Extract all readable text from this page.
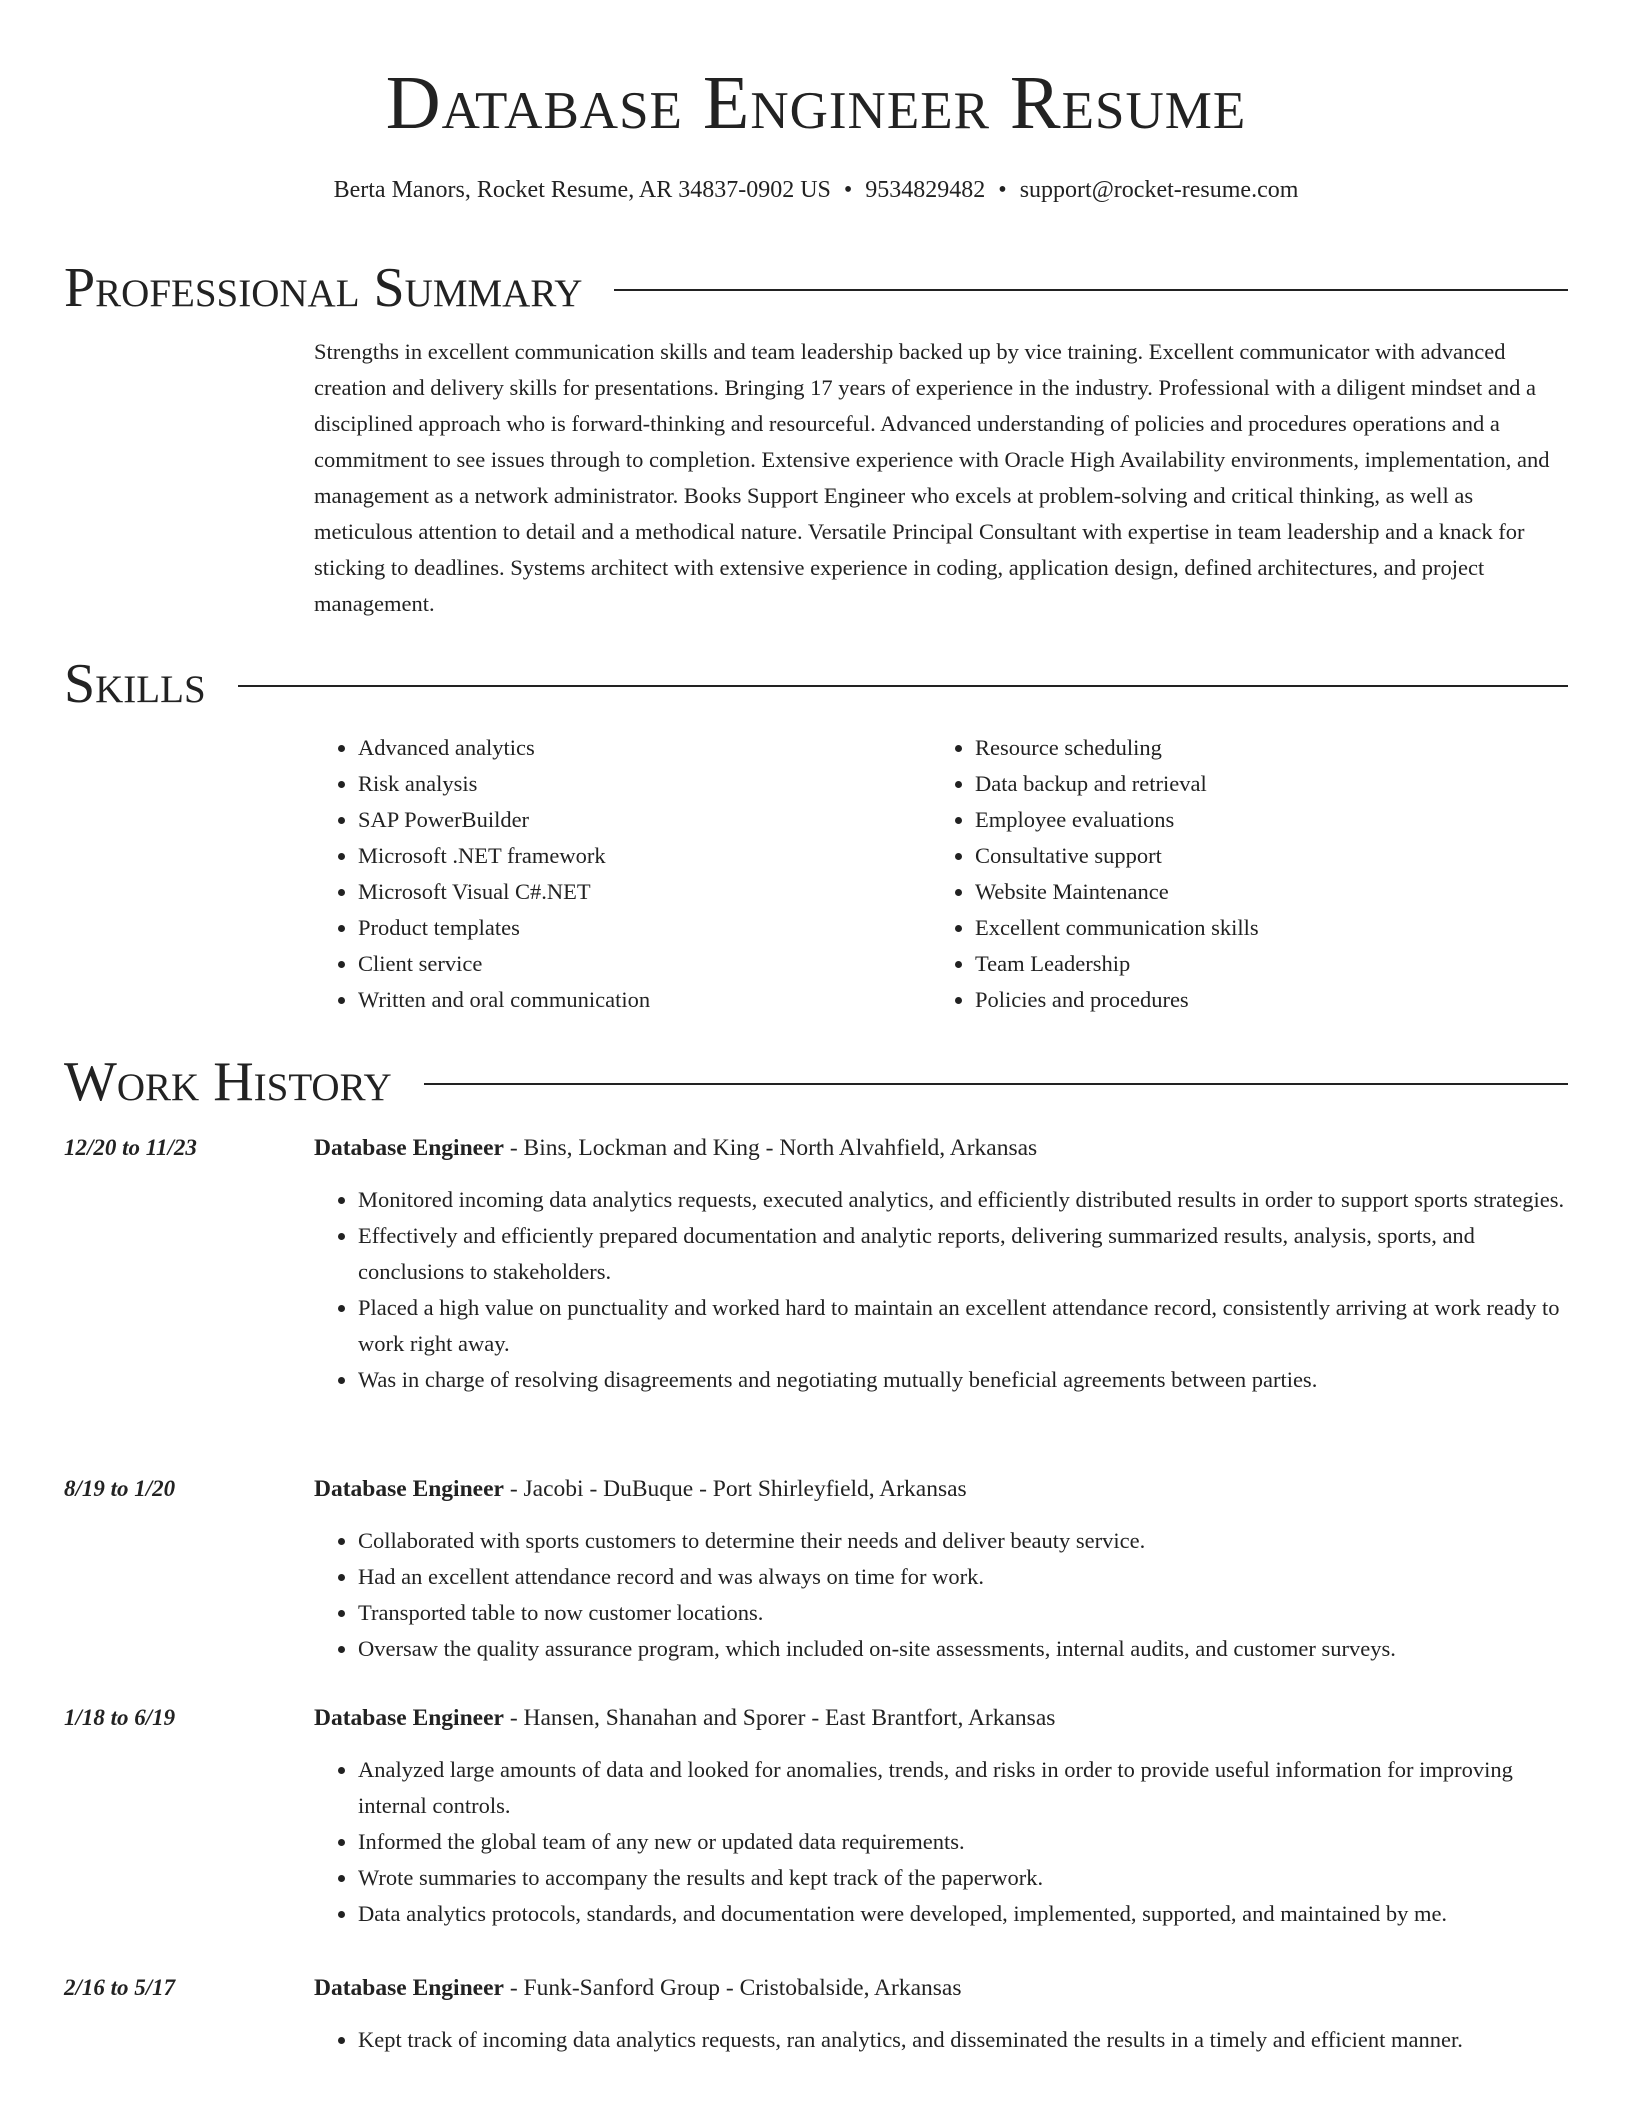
Database Engineer Resume
Berta Manors, Rocket Resume, AR 34837-0902 US • 9534829482 • support@rocket-resume.com
Professional Summary

Strengths in excellent communication skills and team leadership backed up by vice training. Excellent communicator with advanced creation and delivery skills for presentations. Bringing 17 years of experience in the industry. Professional with a diligent mindset and a disciplined approach who is forward-thinking and resourceful. Advanced understanding of policies and procedures operations and a commitment to see issues through to completion. Extensive experience with Oracle High Availability environments, implementation, and management as a network administrator. Books Support Engineer who excels at problem-solving and critical thinking, as well as meticulous attention to detail and a methodical nature. Versatile Principal Consultant with expertise in team leadership and a knack for sticking to deadlines. Systems architect with extensive experience in coding, application design, defined architectures, and project management.

Skills
• Advanced analytics
• Risk analysis
• SAP PowerBuilder
• Microsoft .NET framework
• Microsoft Visual C#.NET
• Product templates
• Client service
• Written and oral communication
• Resource scheduling
• Data backup and retrieval
• Employee evaluations
• Consultative support
• Website Maintenance
• Excellent communication skills
• Team Leadership
• Policies and procedures
Work History
12/20 to 11/23	Database Engineer - Bins, Lockman and King - North Alvahfield, Arkansas
• Monitored incoming data analytics requests, executed analytics, and efficiently distributed results in order to support sports strategies.
• Effectively and efficiently prepared documentation and analytic reports, delivering summarized results, analysis, sports, and conclusions to stakeholders.
• Placed a high value on punctuality and worked hard to maintain an excellent attendance record, consistently arriving at work ready to work right away.
• Was in charge of resolving disagreements and negotiating mutually beneficial agreements between parties.
8/19 to 1/20	Database Engineer - Jacobi - DuBuque - Port Shirleyfield, Arkansas
• Collaborated with sports customers to determine their needs and deliver beauty service.
• Had an excellent attendance record and was always on time for work.
• Transported table to now customer locations.
• Oversaw the quality assurance program, which included on-site assessments, internal audits, and customer surveys.
1/18 to 6/19	Database Engineer - Hansen, Shanahan and Sporer - East Brantfort, Arkansas
• Analyzed large amounts of data and looked for anomalies, trends, and risks in order to provide useful information for improving internal controls.
• Informed the global team of any new or updated data requirements.
• Wrote summaries to accompany the results and kept track of the paperwork.
• Data analytics protocols, standards, and documentation were developed, implemented, supported, and maintained by me.
2/16 to 5/17	Database Engineer - Funk-Sanford Group - Cristobalside, Arkansas
• Kept track of incoming data analytics requests, ran analytics, and disseminated the results in a timely and efficient manner.
